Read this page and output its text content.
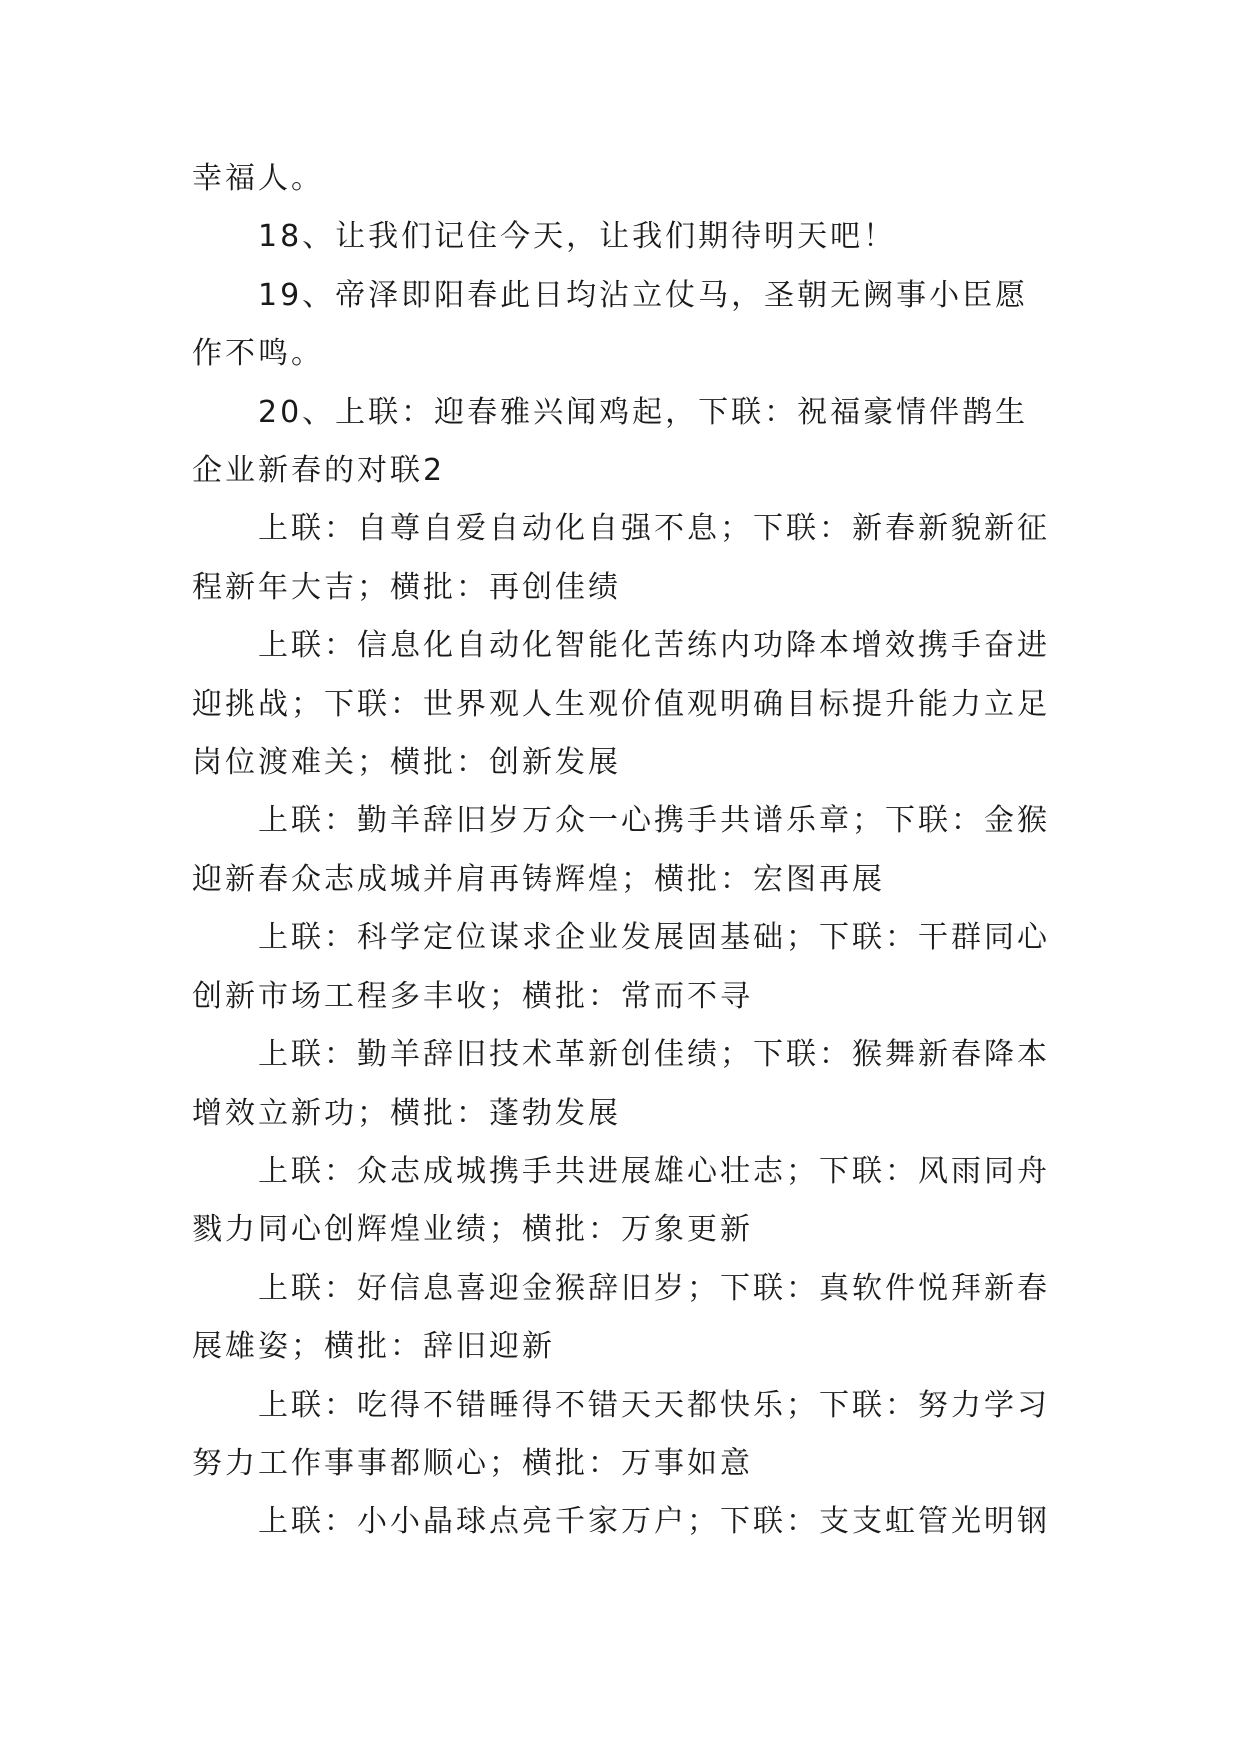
幸福人。

18、让我们记住今天，让我们期待明天吧！

19、帝泽即阳春此日均沾立仗马，圣朝无阙事小臣愿作不鸣。

20、上联：迎春雅兴闻鸡起，下联：祝福豪情伴鹊生

企业新春的对联2

上联：自尊自爱自动化自强不息；下联：新春新貌新征程新年大吉；横批：再创佳绩

上联：信息化自动化智能化苦练内功降本增效携手奋进迎挑战；下联：世界观人生观价值观明确目标提升能力立足岗位渡难关；横批：创新发展

上联：勤羊辞旧岁万众一心携手共谱乐章；下联：金猴迎新春众志成城并肩再铸辉煌；横批：宏图再展

上联：科学定位谋求企业发展固基础；下联：干群同心创新市场工程多丰收；横批：常而不寻

上联：勤羊辞旧技术革新创佳绩；下联：猴舞新春降本增效立新功；横批：蓬勃发展

上联：众志成城携手共进展雄心壮志；下联：风雨同舟戮力同心创辉煌业绩；横批：万象更新

上联：好信息喜迎金猴辞旧岁；下联：真软件悦拜新春展雄姿；横批：辞旧迎新

上联：吃得不错睡得不错天天都快乐；下联：努力学习努力工作事事都顺心；横批：万事如意

上联：小小晶球点亮千家万户；下联：支支虹管光明钢
